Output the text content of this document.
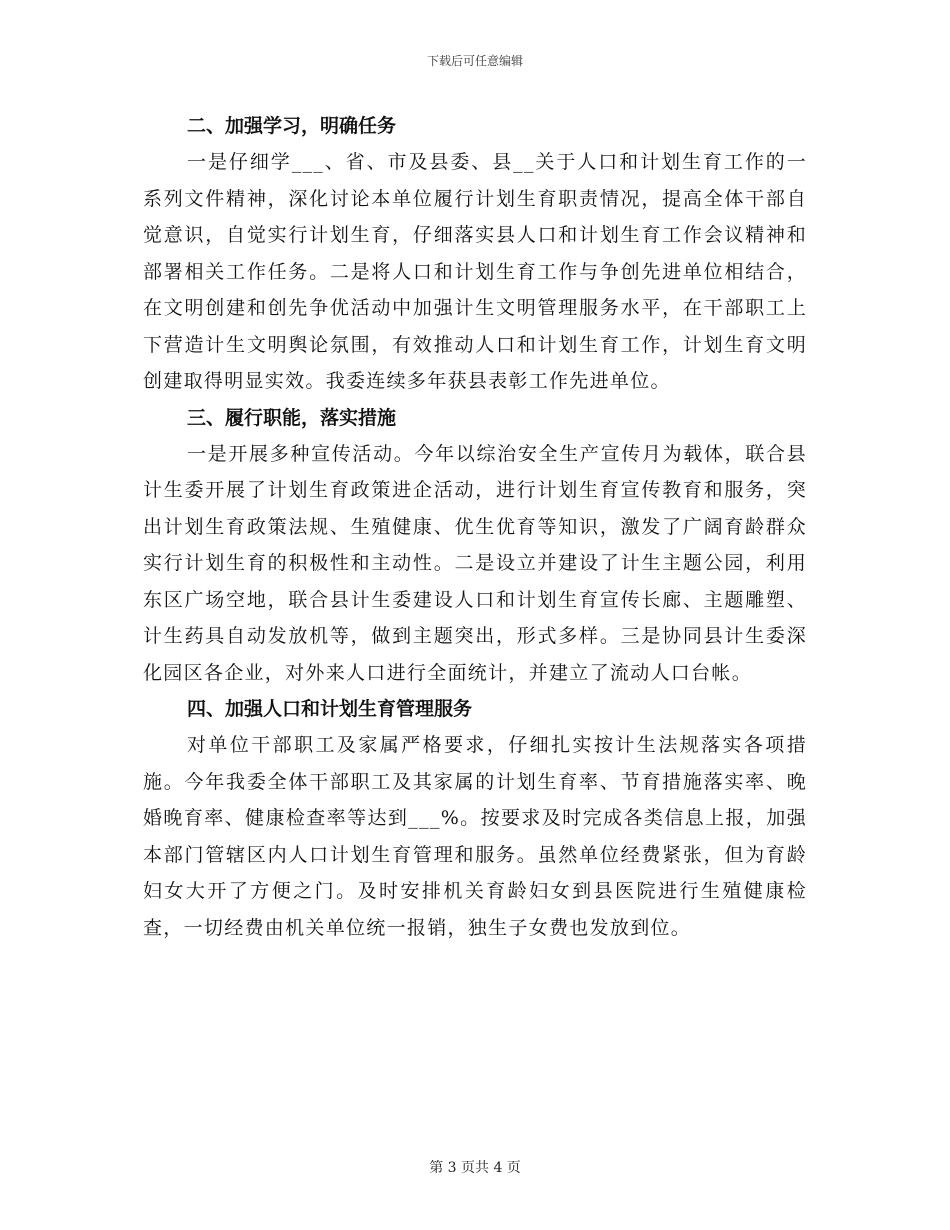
下载后可任意编辑
二、加强学习，明确任务

一是仔细学___、省、市及县委、县__关于人口和计划生育工作的一系列文件精神，深化讨论本单位履行计划生育职责情况，提高全体干部自觉意识，自觉实行计划生育，仔细落实县人口和计划生育工作会议精神和部署相关工作任务。二是将人口和计划生育工作与争创先进单位相结合，在文明创建和创先争优活动中加强计生文明管理服务水平，在干部职工上下营造计生文明舆论氛围，有效推动人口和计划生育工作，计划生育文明创建取得明显实效。我委连续多年获县表彰工作先进单位。

三、履行职能，落实措施

一是开展多种宣传活动。今年以综治安全生产宣传月为载体，联合县计生委开展了计划生育政策进企活动，进行计划生育宣传教育和服务，突出计划生育政策法规、生殖健康、优生优育等知识，激发了广阔育龄群众实行计划生育的积极性和主动性。二是设立并建设了计生主题公园，利用东区广场空地，联合县计生委建设人口和计划生育宣传长廊、主题雕塑、计生药具自动发放机等，做到主题突出，形式多样。三是协同县计生委深化园区各企业，对外来人口进行全面统计，并建立了流动人口台帐。

四、加强人口和计划生育管理服务

对单位干部职工及家属严格要求，仔细扎实按计生法规落实各项措施。今年我委全体干部职工及其家属的计划生育率、节育措施落实率、晚婚晚育率、健康检查率等达到___%。按要求及时完成各类信息上报，加强本部门管辖区内人口计划生育管理和服务。虽然单位经费紧张，但为育龄妇女大开了方便之门。及时安排机关育龄妇女到县医院进行生殖健康检查，一切经费由机关单位统一报销，独生子女费也发放到位。

第 3 页共 4 页
